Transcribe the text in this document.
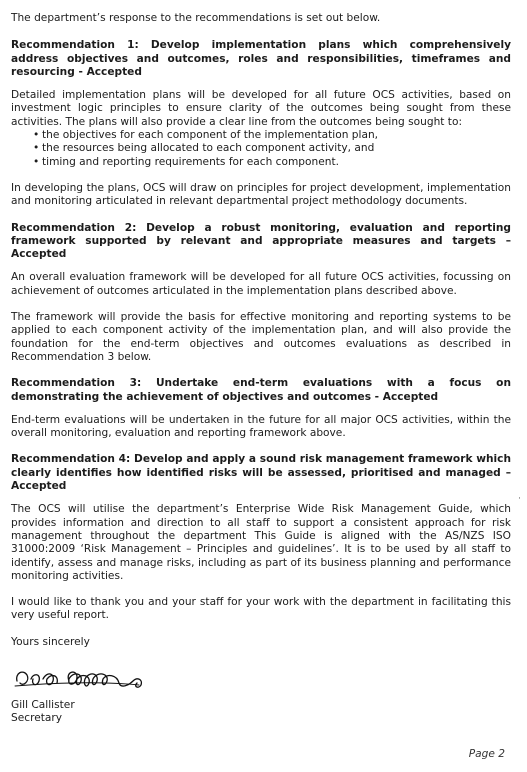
The department’s response to the recommendations is set out below.

Recommendation 1: Develop implementation plans which comprehensively address objectives and outcomes, roles and responsibilities, timeframes and resourcing - Accepted

Detailed implementation plans will be developed for all future OCS activities, based on investment logic principles to ensure clarity of the outcomes being sought from these activities. The plans will also provide a clear line from the outcomes being sought to:

• the objectives for each component of the implementation plan,
• the resources being allocated to each component activity, and
• timing and reporting requirements for each component.

In developing the plans, OCS will draw on principles for project development, implementation and monitoring articulated in relevant departmental project methodology documents.

Recommendation 2: Develop a robust monitoring, evaluation and reporting framework supported by relevant and appropriate measures and targets – Accepted

An overall evaluation framework will be developed for all future OCS activities, focussing on achievement of outcomes articulated in the implementation plans described above.

The framework will provide the basis for effective monitoring and reporting systems to be applied to each component activity of the implementation plan, and will also provide the foundation for the end-term objectives and outcomes evaluations as described in Recommendation 3 below.

Recommendation 3: Undertake end-term evaluations with a focus on demonstrating the achievement of objectives and outcomes - Accepted

End-term evaluations will be undertaken in the future for all major OCS activities, within the overall monitoring, evaluation and reporting framework above.

Recommendation 4: Develop and apply a sound risk management framework which clearly identifies how identified risks will be assessed, prioritised and managed – Accepted

The OCS will utilise the department’s Enterprise Wide Risk Management Guide, which provides information and direction to all staff to support a consistent approach for risk management throughout the department This Guide is aligned with the AS/NZS ISO 31000:2009 ‘Risk Management – Principles and guidelines’. It is to be used by all staff to identify, assess and manage risks, including as part of its business planning and performance monitoring activities.

I would like to thank you and your staff for your work with the department in facilitating this very useful report.

Yours sincerely

Gill Callister

Secretary

·
Page 2
